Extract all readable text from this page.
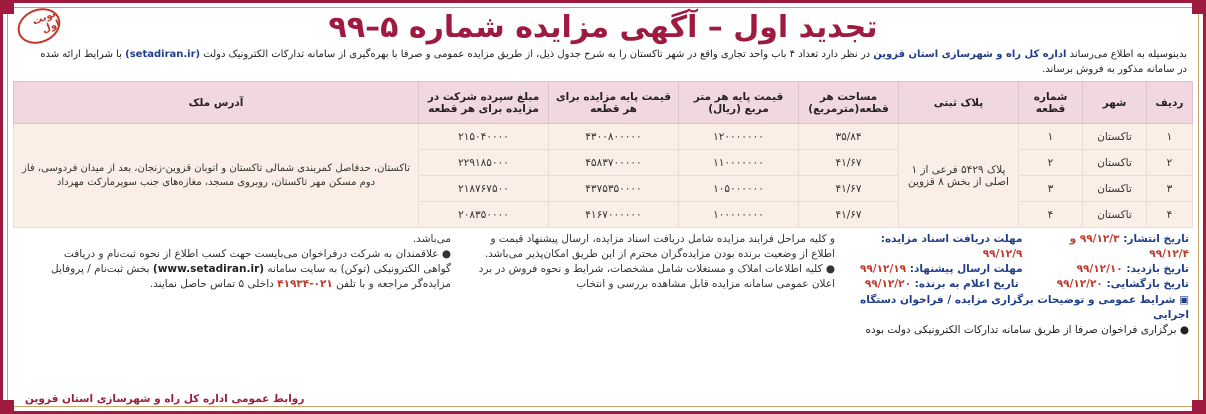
نوبت اول	تجدید اول – آگهی مزایده شماره ۵–۹۹
بدینوسیله به اطلاع می‌رساند اداره کل راه و شهرسازی استان قزوین در نظر دارد تعداد ۴ باب واحد تجاری واقع در شهر تاکستان را به شرح جدول ذیل، از طریق مزایده عمومی و صرفا با بهره‌گیری از سامانه تدارکات الکترونیک دولت (setadiran.ir) با شرایط ارائه شده
در سامانه مذکور به فروش برساند.
ردیف	شهر	شماره قطعه	پلاک ثبتی	مساحت هر قطعه(مترمربع)	قیمت پایه هر متر مربع (ریال)	قیمت پایه مزایده برای هر قطعه	مبلغ سپرده شرکت در مزایده برای هر قطعه	آدرس ملک
۱	تاکستان	۱	پلاک ۵۴۲۹ فرعی از ۱ اصلی از بخش ۸ قزوین	۳۵/۸۴	۱۲۰۰۰۰۰۰۰	۴۳۰۰۸۰۰۰۰۰	۲۱۵۰۴۰۰۰۰	تاکستان، حدفاصل کمربندی شمالی تاکستان و اتوبان قزوین-زنجان، بعد از میدان فردوسی، فاز دوم مسکن مهر تاکستان، روبروی مسجد، مغازه‌های جنب سوپرمارکت مهرداد
۲	تاکستان	۲		۴۱/۶۷	۱۱۰۰۰۰۰۰۰	۴۵۸۳۷۰۰۰۰۰	۲۲۹۱۸۵۰۰۰	
۳	تاکستان	۳		۴۱/۶۷	۱۰۵۰۰۰۰۰۰	۴۳۷۵۳۵۰۰۰۰	۲۱۸۷۶۷۵۰۰	
۴	تاکستان	۴		۴۱/۶۷	۱۰۰۰۰۰۰۰۰	۴۱۶۷۰۰۰۰۰۰	۲۰۸۳۵۰۰۰۰	
تاریخ انتشار: ۹۹/۱۲/۳ و ۹۹/۱۲/۴
مهلت دریافت اسناد مزایده: ۹۹/۱۲/۹
تاریخ بازدید: ۹۹/۱۲/۱۰
مهلت ارسال پیشنهاد: ۹۹/۱۲/۱۹
تاریخ بازگشایی: ۹۹/۱۲/۲۰
تاریخ اعلام به برنده: ۹۹/۱۲/۲۰
▣ شرایط عمومی و توضیحات برگزاری مزایده / فراخوان دستگاه اجرایی
● برگزاری فراخوان صرفا از طریق سامانه تدارکات الکترونیکی دولت بوده
و کلیه مراحل فرایند مزایده شامل دریافت اسناد مزایده، ارسال پیشنهاد قیمت و اطلاع از وضعیت برنده بودن مزایده‌گران محترم از این طریق امکان‌پذیر می‌باشد.
● کلیه اطلاعات املاک و مستغلات شامل مشخصات، شرایط و نحوه فروش در برد اعلان عمومی سامانه مزایده قابل مشاهده بررسی و انتخاب
می‌باشد.
● علاقمندان به شرکت درفراخوان می‌بایست جهت کسب اطلاع از نحوه ثبت‌نام و دریافت گواهی الکترونیکی (توکن) به سایت سامانه (www.setadiran.ir) بخش ثبت‌نام / پروفایل مزایده‌گر مراجعه و با تلفن ۰۲۱-۴۱۹۳۴ داخلی ۵ تماس حاصل نمایند.
روابط عمومی اداره کل راه و شهرسازی استان قزوین
